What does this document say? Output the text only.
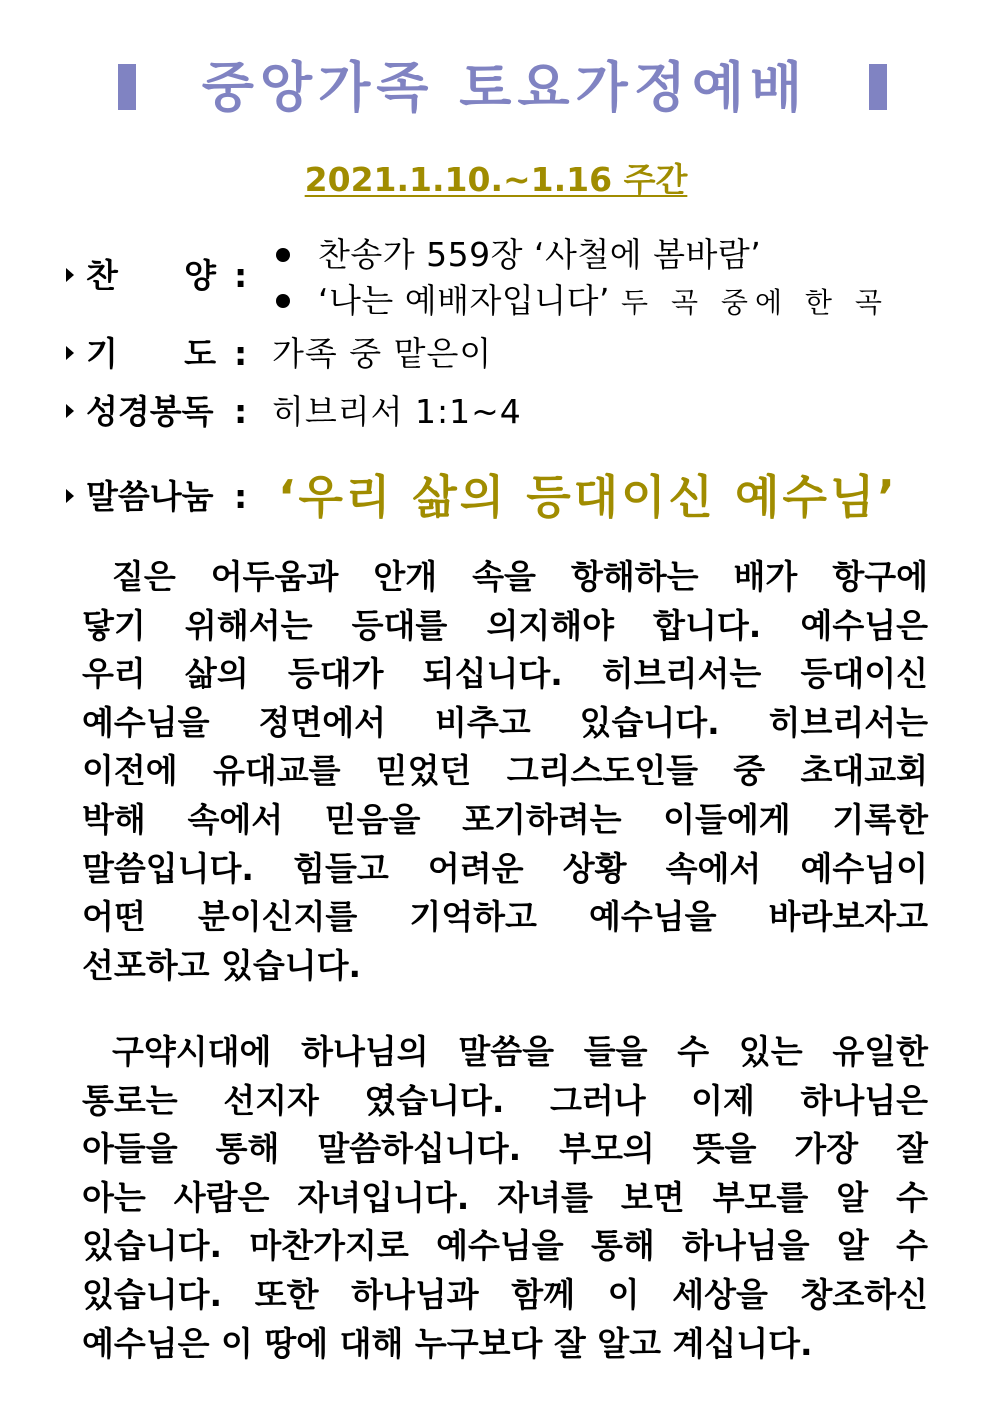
중앙가족 토요가정예배
2021.1.10.~1.16 주간
찬 양 :
찬송가 559장 ‘사철에 봄바람’
‘나는 예배자입니다’ 두 곡 중에 한 곡
기 도 : 가족 중 맡은이
성경봉독 : 히브리서 1:1~4
말씀나눔 : ‘우리 삶의 등대이신 예수님’
짙은 어두움과 안개 속을 항해하는 배가 항구에
닿기 위해서는 등대를 의지해야 합니다. 예수님은
우리 삶의 등대가 되십니다. 히브리서는 등대이신
예수님을 정면에서 비추고 있습니다. 히브리서는
이전에 유대교를 믿었던 그리스도인들 중 초대교회
박해 속에서 믿음을 포기하려는 이들에게 기록한
말씀입니다. 힘들고 어려운 상황 속에서 예수님이
어떤 분이신지를 기억하고 예수님을 바라보자고
선포하고 있습니다.
구약시대에 하나님의 말씀을 들을 수 있는 유일한
통로는 선지자 였습니다. 그러나 이제 하나님은
아들을 통해 말씀하십니다. 부모의 뜻을 가장 잘
아는 사람은 자녀입니다. 자녀를 보면 부모를 알 수
있습니다. 마찬가지로 예수님을 통해 하나님을 알 수
있습니다. 또한 하나님과 함께 이 세상을 창조하신
예수님은 이 땅에 대해 누구보다 잘 알고 계십니다.
